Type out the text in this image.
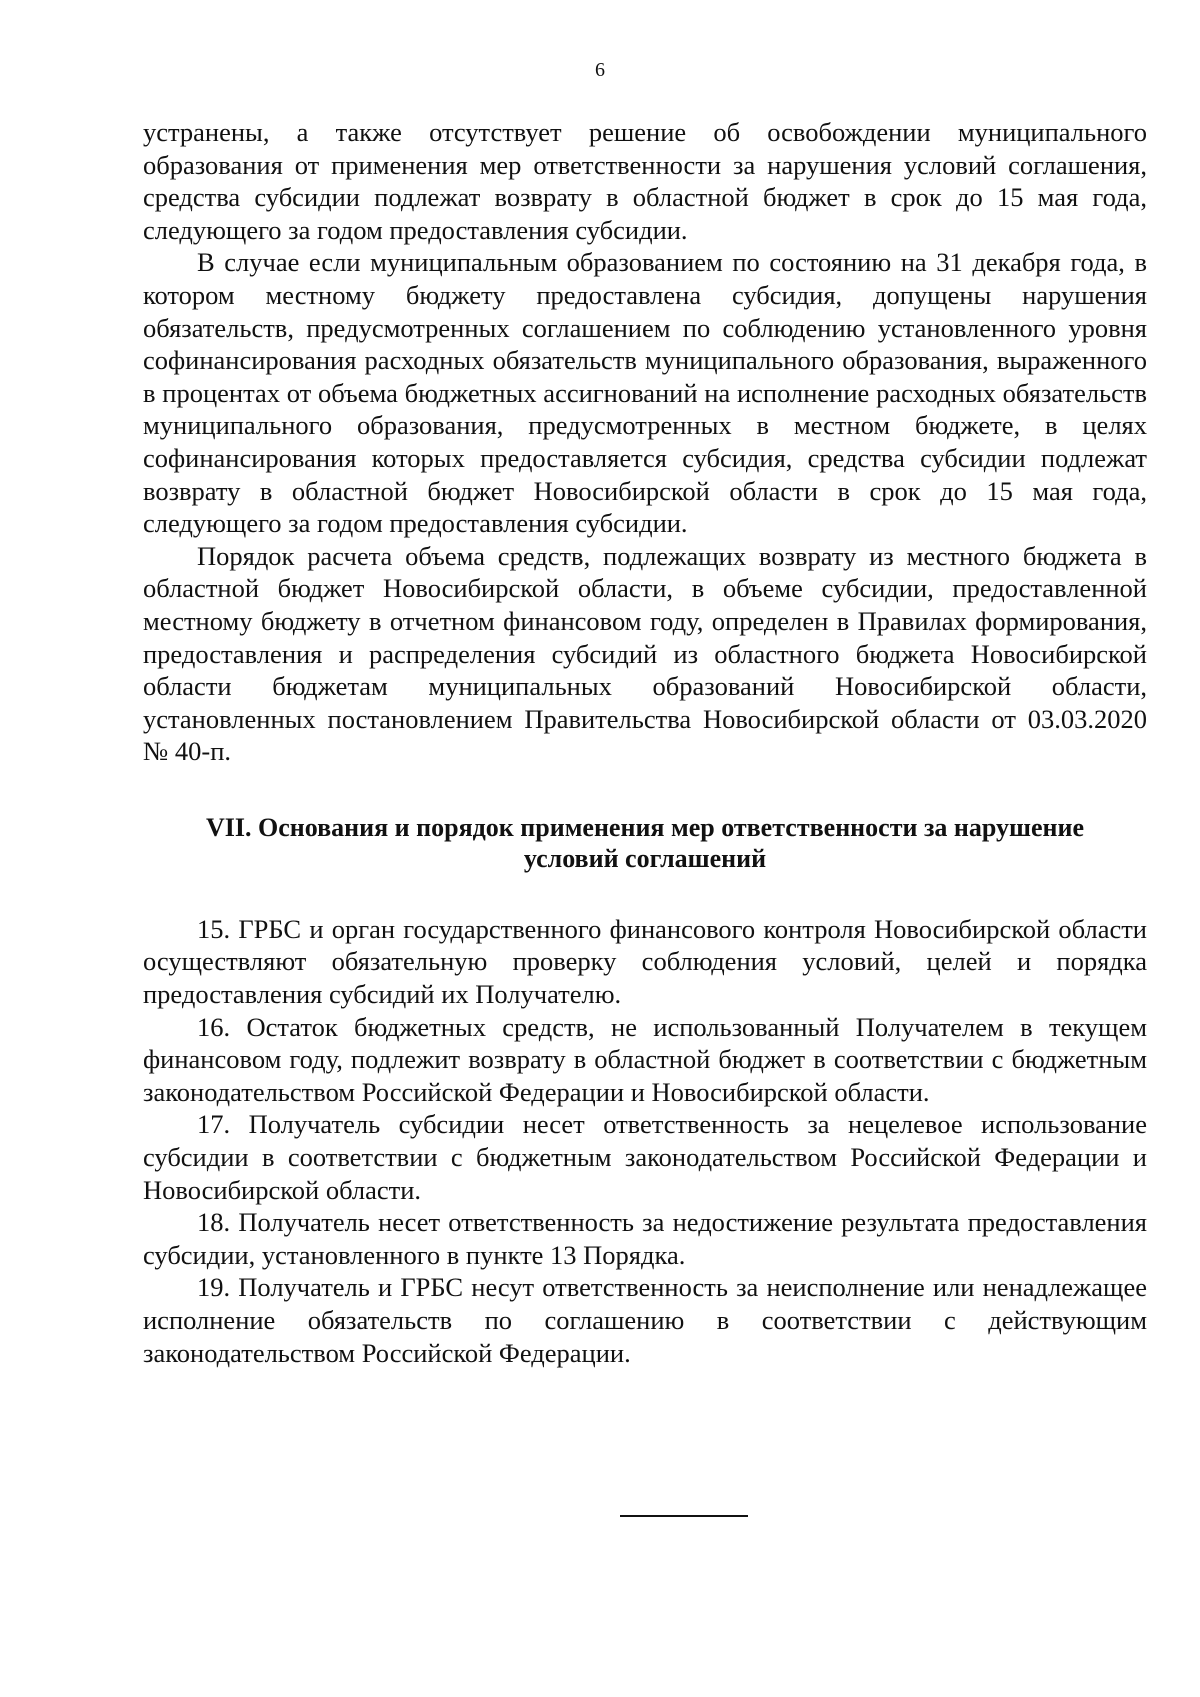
6

устранены, а также отсутствует решение об освобождении муниципального образования от применения мер ответственности за нарушения условий соглашения, средства субсидии подлежат возврату в областной бюджет в срок до 15 мая года, следующего за годом предоставления субсидии.

В случае если муниципальным образованием по состоянию на 31 декабря года, в котором местному бюджету предоставлена субсидия, допущены нарушения обязательств, предусмотренных соглашением по соблюдению установленного уровня софинансирования расходных обязательств муниципального образования, выраженного в процентах от объема бюджетных ассигнований на исполнение расходных обязательств муниципального образования, предусмотренных в местном бюджете, в целях софинансирования которых предоставляется субсидия, средства субсидии подлежат возврату в областной бюджет Новосибирской области в срок до 15 мая года, следующего за годом предоставления субсидии.

Порядок расчета объема средств, подлежащих возврату из местного бюджета в областной бюджет Новосибирской области, в объеме субсидии, предоставленной местному бюджету в отчетном финансовом году, определен в Правилах формирования, предоставления и распределения субсидий из областного бюджета Новосибирской области бюджетам муниципальных образований Новосибирской области, установленных постановлением Правительства Новосибирской области от 03.03.2020 № 40-п.

VII. Основания и порядок применения мер ответственности за нарушение
условий соглашений

15. ГРБС и орган государственного финансового контроля Новосибирской области осуществляют обязательную проверку соблюдения условий, целей и порядка предоставления субсидий их Получателю.

16. Остаток бюджетных средств, не использованный Получателем в текущем финансовом году, подлежит возврату в областной бюджет в соответствии с бюджетным законодательством Российской Федерации и Новосибирской области.

17. Получатель субсидии несет ответственность за нецелевое использование субсидии в соответствии с бюджетным законодательством Российской Федерации и Новосибирской области.

18. Получатель несет ответственность за недостижение результата предоставления субсидии, установленного в пункте 13 Порядка.

19. Получатель и ГРБС несут ответственность за неисполнение или ненадлежащее исполнение обязательств по соглашению в соответствии с действующим законодательством Российской Федерации.
